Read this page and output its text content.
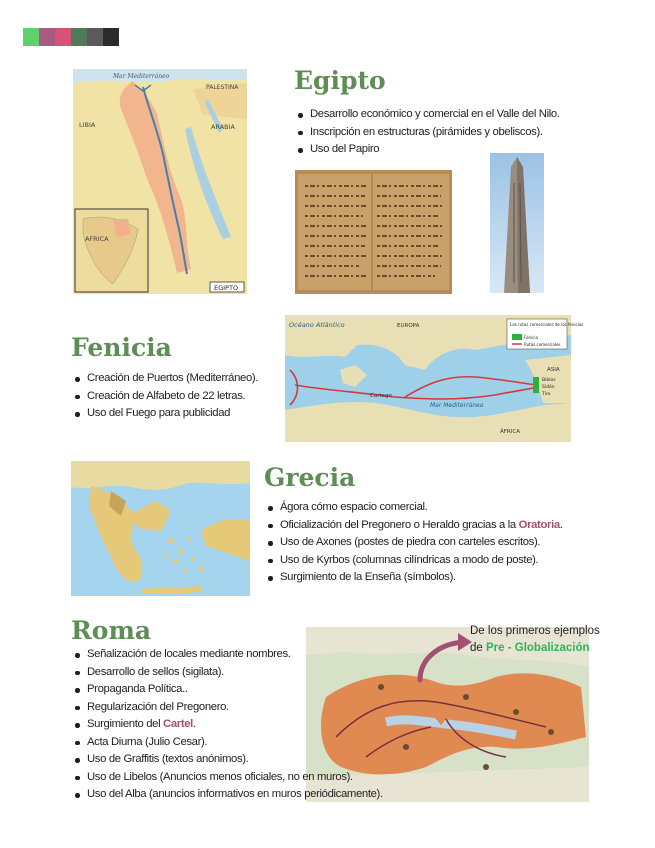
Mar Mediterráneo
PALESTINA
LIBIA	ARABIA
AFRICA
EGIPTO
Egipto
Desarrollo económico y comercial en el Valle del Nilo.
Inscripción en estructuras (pirámides y obeliscos).
Uso del Papiro
Fenicia
Creación de Puertos (Mediterráneo).
Creación de Alfabeto de 22 letras.
Uso del Fuego para publicidad
Océano Atlántico	Las rutas comerciales de los fenicios
Fenicia
Rutas comerciales
Mar Mediterráneo
Cartago
EUROPA
ASIA
ÁFRICA
Biblos
Sidón
Tiro
Grecia
Ágora cómo espacio comercial.
Oficialización del Pregonero o Heraldo gracias a la Oratoria.
Uso de Axones (postes de piedra con carteles escritos).
Uso de Kyrbos (columnas cilíndricas a modo de poste).
Surgimiento de la Enseña (símbolos).
De los primeros ejemplos
de Pre - Globalización
Roma
Señalización de locales mediante nombres.
Desarrollo de sellos (sigilata).
Propaganda Política..
Regularización del Pregonero.
Surgimiento del Cartel.
Acta Diurna (Julio Cesar).
Uso de Graffitis (textos anónimos).
Uso de Libelos (Anuncios menos oficiales, no en muros).
Uso del Alba (anuncios informativos en muros periódicamente).
